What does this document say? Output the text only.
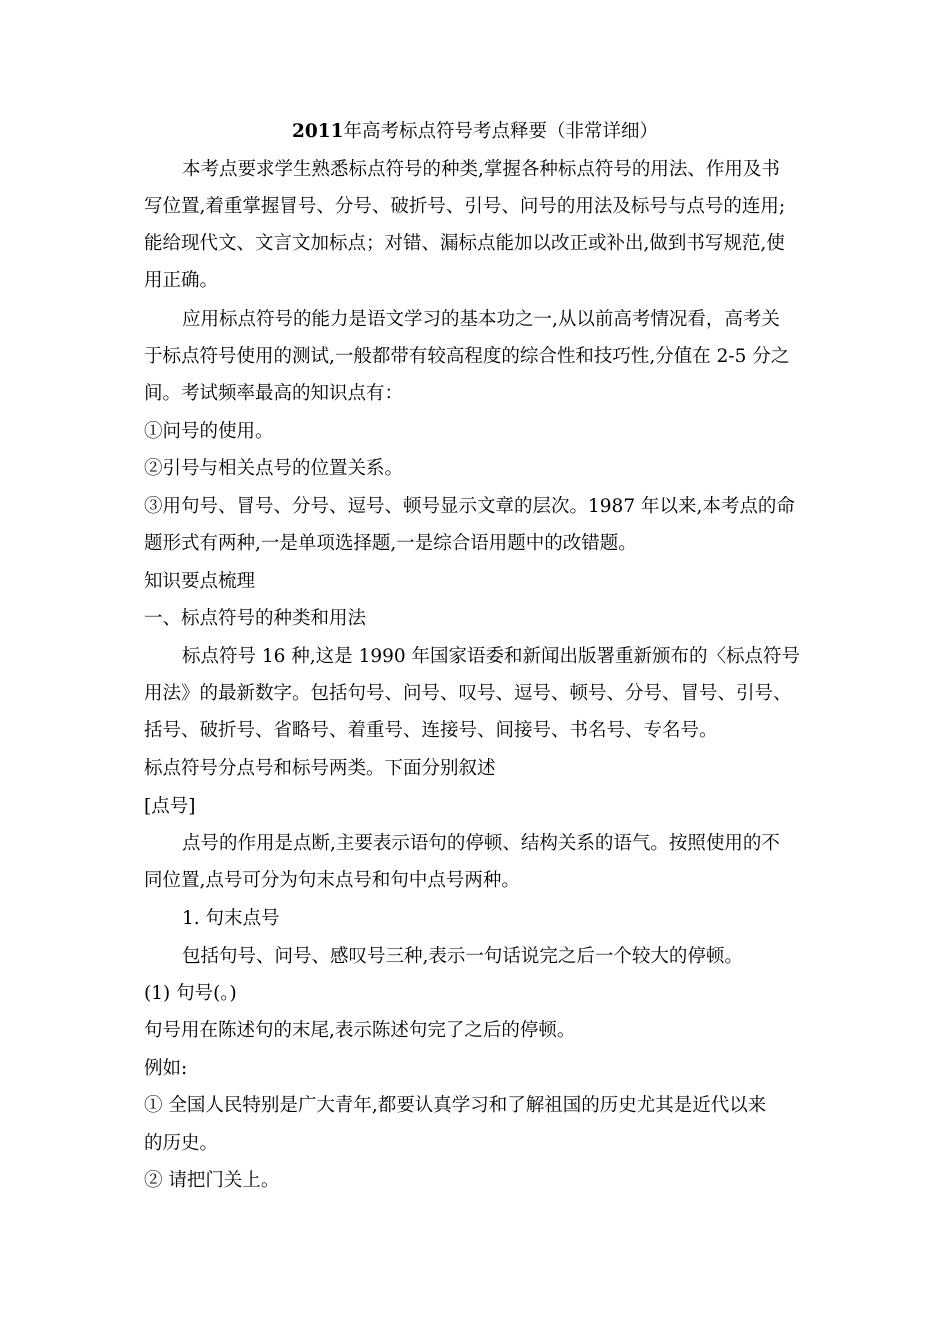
2011年高考标点符号考点释要（非常详细）
本考点要求学生熟悉标点符号的种类,掌握各种标点符号的用法、作用及书
写位置,着重掌握冒号、分号、破折号、引号、问号的用法及标号与点号的连用;
能给现代文、文言文加标点；对错、漏标点能加以改正或补出,做到书写规范,使
用正确。
应用标点符号的能力是语文学习的基本功之一,从以前高考情况看，高考关
于标点符号使用的测试,一般都带有较高程度的综合性和技巧性,分值在 2-5 分之
间。考试频率最高的知识点有：
①问号的使用。
②引号与相关点号的位置关系。
③用句号、冒号、分号、逗号、顿号显示文章的层次。1987 年以来,本考点的命
题形式有两种,一是单项选择题,一是综合语用题中的改错题。
知识要点梳理
一、标点符号的种类和用法
标点符号 16 种,这是 1990 年国家语委和新闻出版署重新颁布的〈标点符号
用法》的最新数字。包括句号、问号、叹号、逗号、顿号、分号、冒号、引号、
括号、破折号、省略号、着重号、连接号、间接号、书名号、专名号。
标点符号分点号和标号两类。下面分别叙述
[点号]
点号的作用是点断,主要表示语句的停顿、结构关系的语气。按照使用的不
同位置,点号可分为句末点号和句中点号两种。
1. 句末点号
包括句号、问号、感叹号三种,表示一句话说完之后一个较大的停顿。
(1) 句号(。)
句号用在陈述句的末尾,表示陈述句完了之后的停顿。
例如:
① 全国人民特别是广大青年,都要认真学习和了解祖国的历史尤其是近代以来
的历史。
② 请把门关上。
